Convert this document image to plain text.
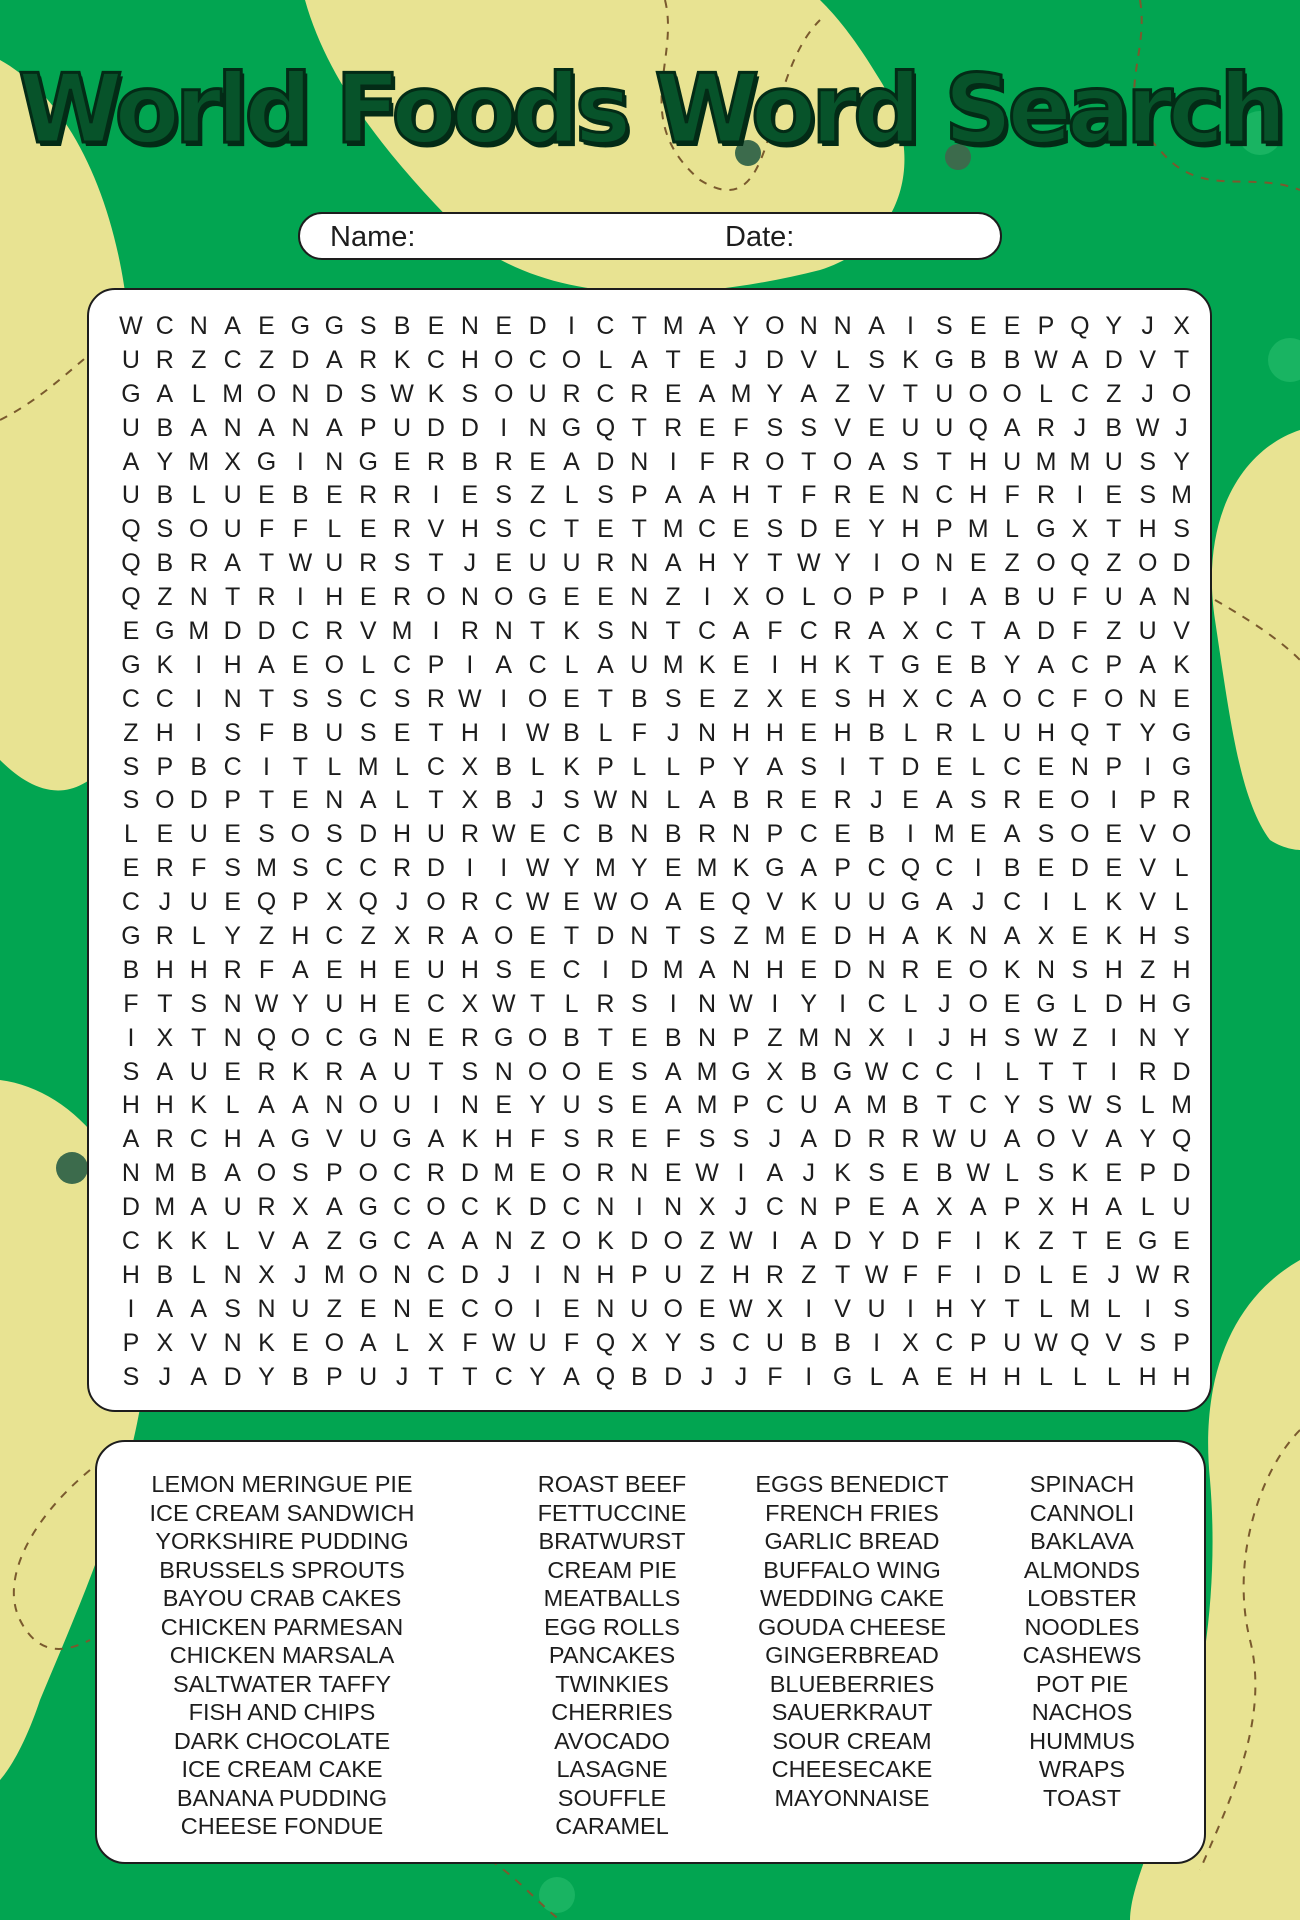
World Foods Word Search
Name:	Date:
W C N A E G G S B E N E D I C T M A Y O N N A I S E E P Q Y J X
U R Z C Z D A R K C H O C O L A T E J D V L S K G B B W A D V T
G A L M O N D S W K S O U R C R E A M Y A Z V T U O O L C Z J O
U B A N A N A P U D D I N G Q T R E F S S V E U U Q A R J B W J
A Y M X G I N G E R B R E A D N I F R O T O A S T H U M M U S Y
U B L U E B E R R I E S Z L S P A A H T F R E N C H F R I E S M
Q S O U F F L E R V H S C T E T M C E S D E Y H P M L G X T H S
Q B R A T W U R S T J E U U R N A H Y T W Y I O N E Z O Q Z O D
Q Z N T R I H E R O N O G E E N Z I X O L O P P I A B U F U A N
E G M D D C R V M I R N T K S N T C A F C R A X C T A D F Z U V
G K I H A E O L C P I A C L A U M K E I H K T G E B Y A C P A K
C C I N T S S C S R W I O E T B S E Z X E S H X C A O C F O N E
Z H I S F B U S E T H I W B L F J N H H E H B L R L U H Q T Y G
S P B C I T L M L C X B L K P L L P Y A S I T D E L C E N P I G
S O D P T E N A L T X B J S W N L A B R E R J E A S R E O I P R
L E U E S O S D H U R W E C B N B R N P C E B I M E A S O E V O
E R F S M S C C R D I	I W Y M Y E M K G A P C Q C I B E D E V L
C J U E Q P X Q J O R C W E W O A E Q V K U U G A J C I L K V L
G R L Y Z H C Z X R A O E T D N T S Z M E D H A K N A X E K H S
B H H R F A E H E U H S E C I D M A N H E D N R E O K N S H Z H
F T S N W Y U H E C X W T L R S I N W I Y I C L J O E G L D H G
I X T N Q O C G N E R G O B T E B N P Z M N X I J H S W Z I N Y
S A U E R K R A U T S N O O E S A M G X B G W C C I L T T I R D
H H K L A A N O U I N E Y U S E A M P C U A M B T C Y S W S L M
A R C H A G V U G A K H F S R E F S S J A D R R W U A O V A Y Q
N M B A O S P O C R D M E O R N E W I A J K S E B W L S K E P D
D M A U R X A G C O C K D C N I N X J C N P E A X A P X H A L U
C K K L V A Z G C A A N Z O K D O Z W I A D Y D F I K Z T E G E
H B L N X J M O N C D J I N H P U Z H R Z T W F F I D L E J W R
I A A S N U Z E N E C O I E N U O E W X I V U I H Y T L M L I S
P X V N K E O A L X F W U F Q X Y S C U B B I X C P U W Q V S P
S J A D Y B P U J T T C Y A Q B D J J F I G L A E H H L L L H H
LEMON MERINGUE PIE
ICE CREAM SANDWICH
YORKSHIRE PUDDING
BRUSSELS SPROUTS
BAYOU CRAB CAKES
CHICKEN PARMESAN
CHICKEN MARSALA
SALTWATER TAFFY
FISH AND CHIPS
DARK CHOCOLATE
ICE CREAM CAKE
BANANA PUDDING
CHEESE FONDUE
ROAST BEEF
FETTUCCINE
BRATWURST
CREAM PIE
MEATBALLS
EGG ROLLS
PANCAKES
TWINKIES
CHERRIES
AVOCADO
LASAGNE
SOUFFLE
CARAMEL
EGGS BENEDICT
FRENCH FRIES
GARLIC BREAD
BUFFALO WING
WEDDING CAKE
GOUDA CHEESE
GINGERBREAD
BLUEBERRIES
SAUERKRAUT
SOUR CREAM
CHEESECAKE
MAYONNAISE
SPINACH
CANNOLI
BAKLAVA
ALMONDS
LOBSTER
NOODLES
CASHEWS
POT PIE
NACHOS
HUMMUS
WRAPS
TOAST
